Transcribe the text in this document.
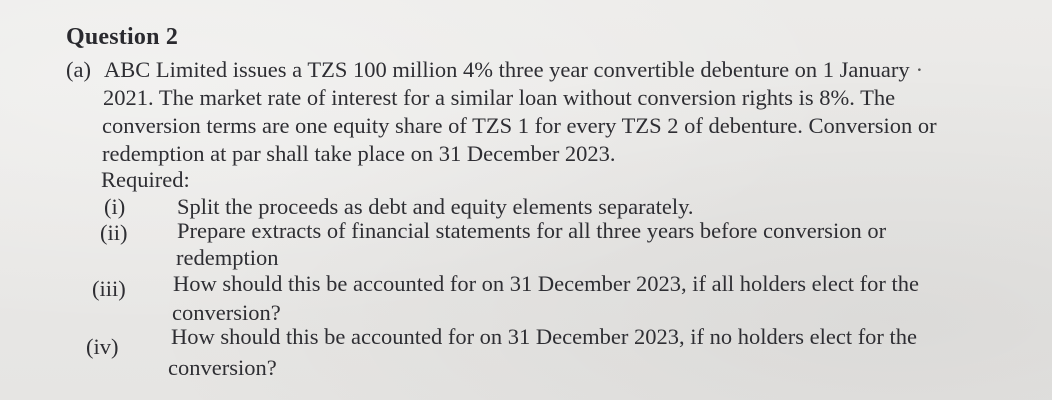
Question 2
(a) ABC Limited issues a TZS 100 million 4% three year convertible debenture on 1 January ·
2021. The market rate of interest for a similar loan without conversion rights is 8%. The
conversion terms are one equity share of TZS 1 for every TZS 2 of debenture. Conversion or
redemption at par shall take place on 31 December 2023.
Required:
(i) Split the proceeds as debt and equity elements separately.
(ii) Prepare extracts of financial statements for all three years before conversion or
redemption
(iii) How should this be accounted for on 31 December 2023, if all holders elect for the
conversion?
(iv) How should this be accounted for on 31 December 2023, if no holders elect for the
conversion?
